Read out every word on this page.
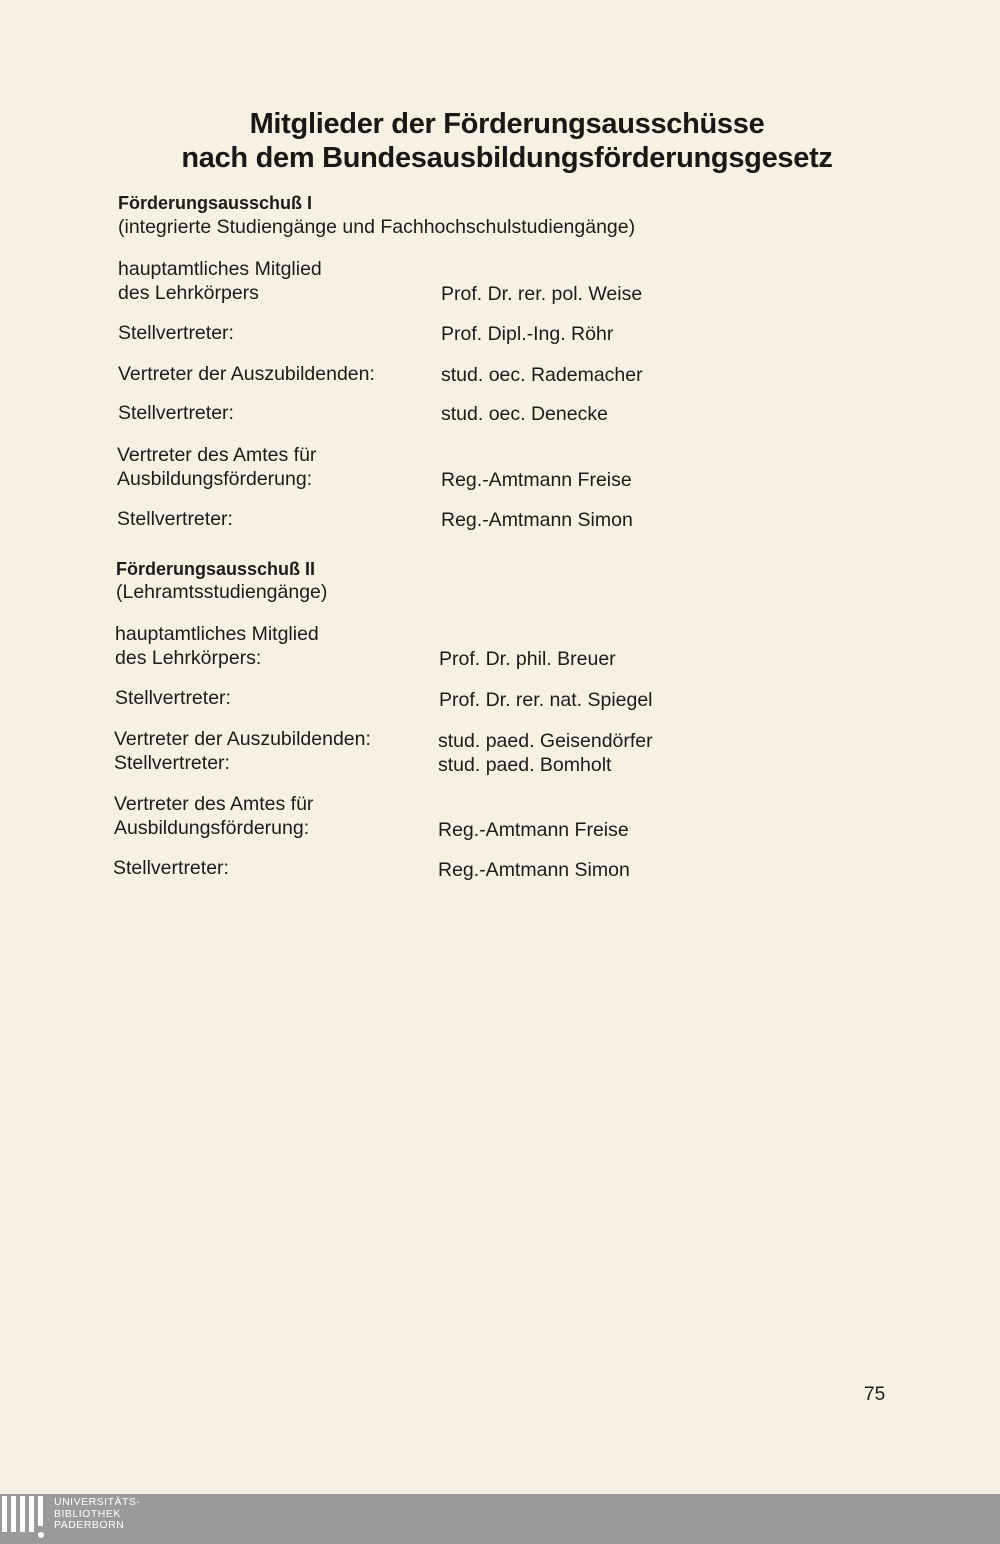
Mitglieder der Förderungsausschüsse
nach dem Bundesausbildungsförderungsgesetz
Förderungsausschuß I
(integrierte Studiengänge und Fachhochschulstudiengänge)
hauptamtliches Mitglied
des Lehrkörpers	Prof. Dr. rer. pol. Weise
Stellvertreter:	Prof. Dipl.-Ing. Röhr
Vertreter der Auszubildenden:	stud. oec. Rademacher
Stellvertreter:	stud. oec. Denecke
Vertreter des Amtes für
Ausbildungsförderung:	Reg.-Amtmann Freise
Stellvertreter:	Reg.-Amtmann Simon
Förderungsausschuß II
(Lehramtsstudiengänge)
hauptamtliches Mitglied
des Lehrkörpers:	Prof. Dr. phil. Breuer
Stellvertreter:	Prof. Dr. rer. nat. Spiegel
Vertreter der Auszubildenden:	stud. paed. Geisendörfer
Stellvertreter:	stud. paed. Bomholt
Vertreter des Amtes für
Ausbildungsförderung:	Reg.-Amtmann Freise
Stellvertreter:	Reg.-Amtmann Simon
75
UNIVERSITÄTS-
BIBLIOTHEK
PADERBORN
